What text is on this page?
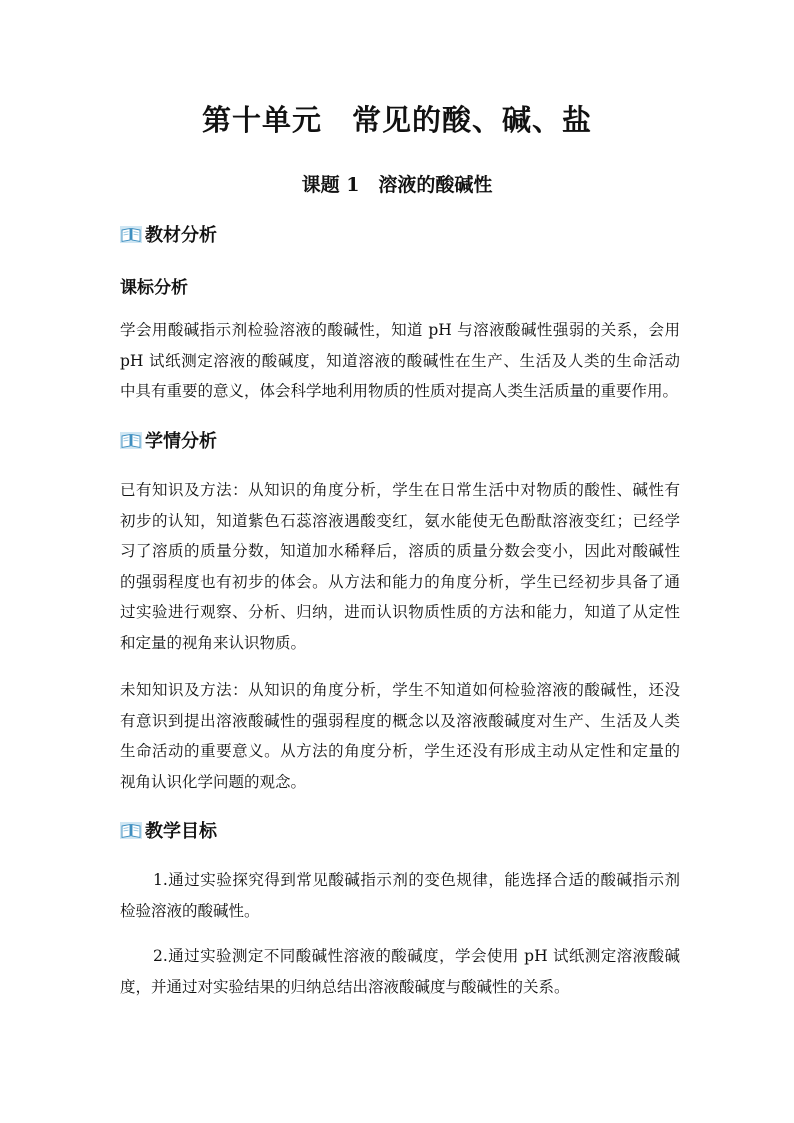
第十单元　常见的酸、碱、盐
课题 1　溶液的酸碱性
教材分析
课标分析
学会用酸碱指示剂检验溶液的酸碱性，知道 pH 与溶液酸碱性强弱的关系，会用
pH 试纸测定溶液的酸碱度，知道溶液的酸碱性在生产、生活及人类的生命活动
中具有重要的意义，体会科学地利用物质的性质对提高人类生活质量的重要作用。
学情分析
已有知识及方法：从知识的角度分析，学生在日常生活中对物质的酸性、碱性有
初步的认知，知道紫色石蕊溶液遇酸变红，氨水能使无色酚酞溶液变红；已经学
习了溶质的质量分数，知道加水稀释后，溶质的质量分数会变小，因此对酸碱性
的强弱程度也有初步的体会。从方法和能力的角度分析，学生已经初步具备了通
过实验进行观察、分析、归纳，进而认识物质性质的方法和能力，知道了从定性
和定量的视角来认识物质。
未知知识及方法：从知识的角度分析，学生不知道如何检验溶液的酸碱性，还没
有意识到提出溶液酸碱性的强弱程度的概念以及溶液酸碱度对生产、生活及人类
生命活动的重要意义。从方法的角度分析，学生还没有形成主动从定性和定量的
视角认识化学问题的观念。
教学目标
1.通过实验探究得到常见酸碱指示剂的变色规律，能选择合适的酸碱指示剂
检验溶液的酸碱性。
2.通过实验测定不同酸碱性溶液的酸碱度，学会使用 pH 试纸测定溶液酸碱
度，并通过对实验结果的归纳总结出溶液酸碱度与酸碱性的关系。
